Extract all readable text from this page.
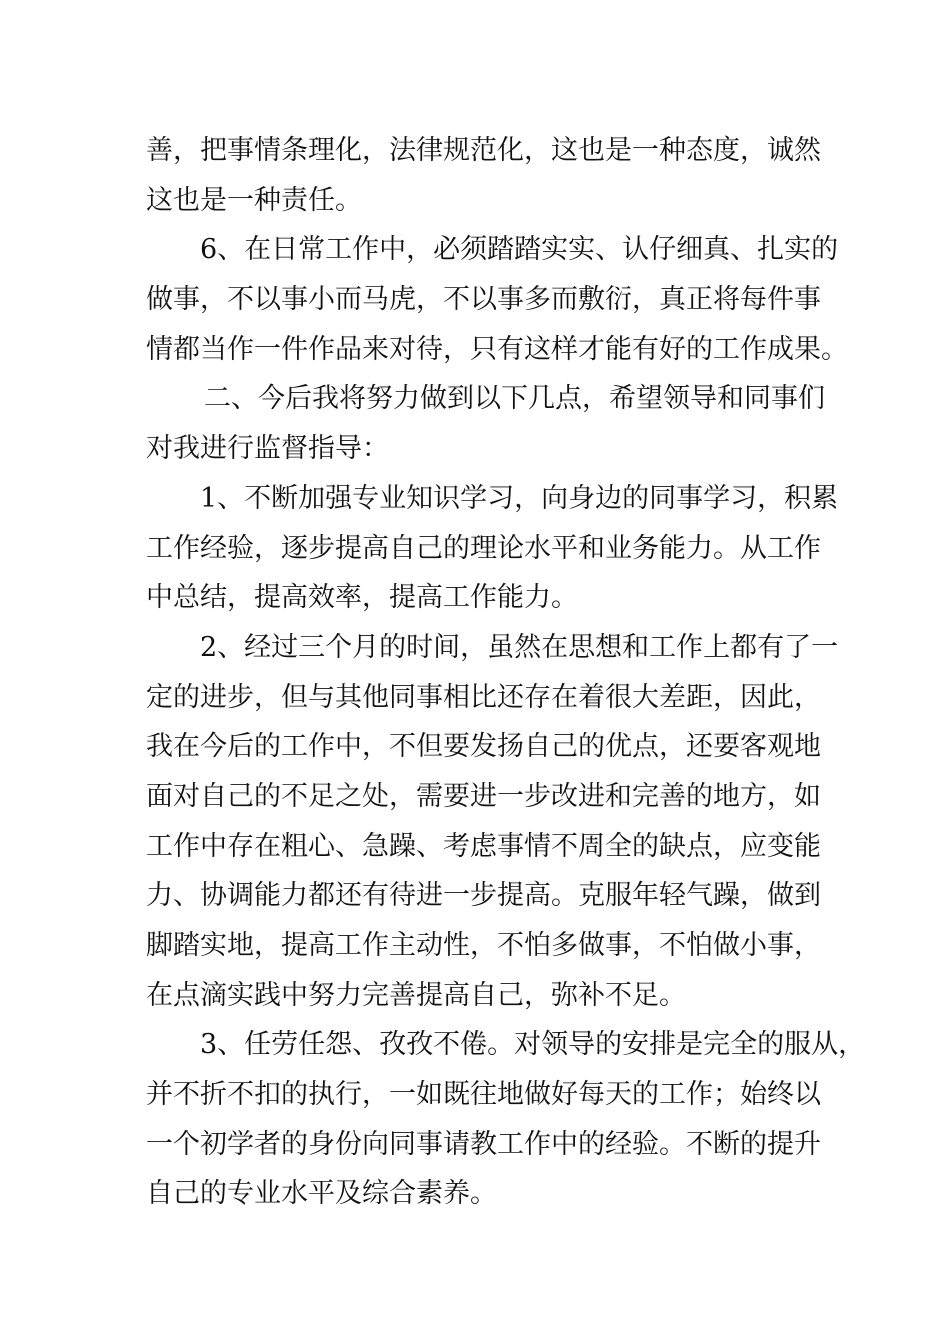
善，把事情条理化，法律规范化，这也是一种态度，诚然
这也是一种责任。
6、在日常工作中，必须踏踏实实、认仔细真、扎实的
做事，不以事小而马虎，不以事多而敷衍，真正将每件事
情都当作一件作品来对待，只有这样才能有好的工作成果。
二、今后我将努力做到以下几点，希望领导和同事们
对我进行监督指导：
1、不断加强专业知识学习，向身边的同事学习，积累
工作经验，逐步提高自己的理论水平和业务能力。从工作
中总结，提高效率，提高工作能力。
2、经过三个月的时间，虽然在思想和工作上都有了一
定的进步，但与其他同事相比还存在着很大差距，因此，
我在今后的工作中，不但要发扬自己的优点，还要客观地
面对自己的不足之处，需要进一步改进和完善的地方，如
工作中存在粗心、急躁、考虑事情不周全的缺点，应变能
力、协调能力都还有待进一步提高。克服年轻气躁，做到
脚踏实地，提高工作主动性，不怕多做事，不怕做小事，
在点滴实践中努力完善提高自己，弥补不足。
3、任劳任怨、孜孜不倦。对领导的安排是完全的服从，
并不折不扣的执行，一如既往地做好每天的工作；始终以
一个初学者的身份向同事请教工作中的经验。不断的提升
自己的专业水平及综合素养。
